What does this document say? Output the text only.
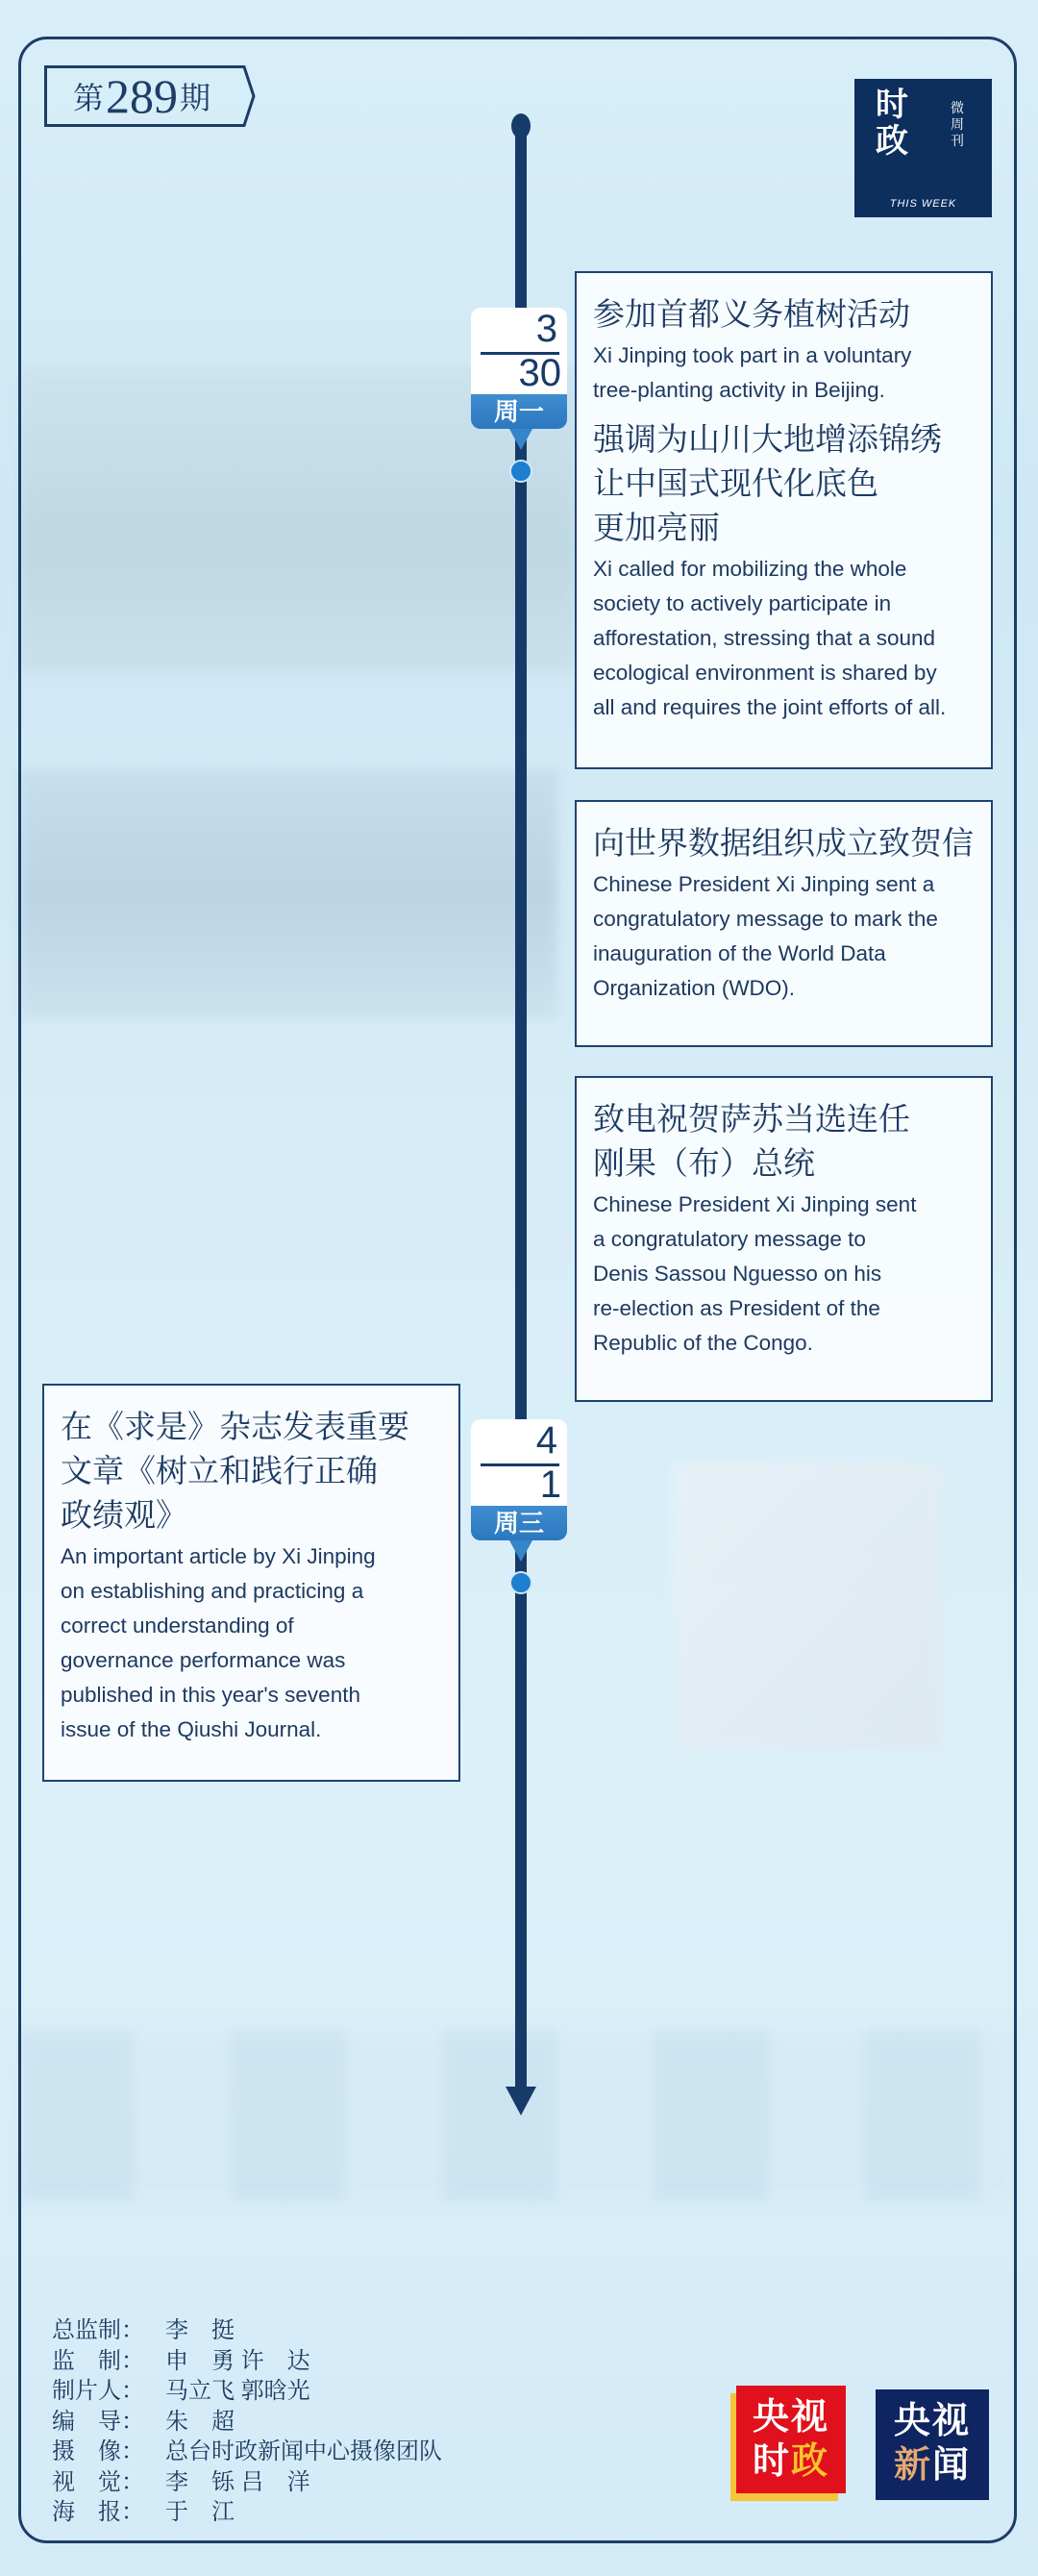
第 289 期	时
政
微周刊
THIS WEEK
3
30
周一
4
1
周三
参加首都义务植树活动
Xi Jinping took part in a voluntary
tree-planting activity in Beijing.
强调为山川大地增添锦绣
让中国式现代化底色
更加亮丽
Xi called for mobilizing the whole
society to actively participate in
afforestation, stressing that a sound
ecological environment is shared by
all and requires the joint efforts of all.
向世界数据组织成立致贺信
Chinese President Xi Jinping sent a
congratulatory message to mark the
inauguration of the World Data
Organization (WDO).
致电祝贺萨苏当选连任
刚果（布）总统
Chinese President Xi Jinping sent
a congratulatory message to
Denis Sassou Nguesso on his
re-election as President of the
Republic of the Congo.
在《求是》杂志发表重要
文章《树立和践行正确
政绩观》
An important article by Xi Jinping
on establishing and practicing a
correct understanding of
governance performance was
published in this year's seventh
issue of the Qiushi Journal.
总监制： 李　挺
监　制： 申　勇 许　达
制片人： 马立飞 郭晗光
编　导： 朱　超
摄　像： 总台时政新闻中心摄像团队
视　觉： 李　铄 吕　洋
海　报： 于　江
央视
时政
央视
新闻
